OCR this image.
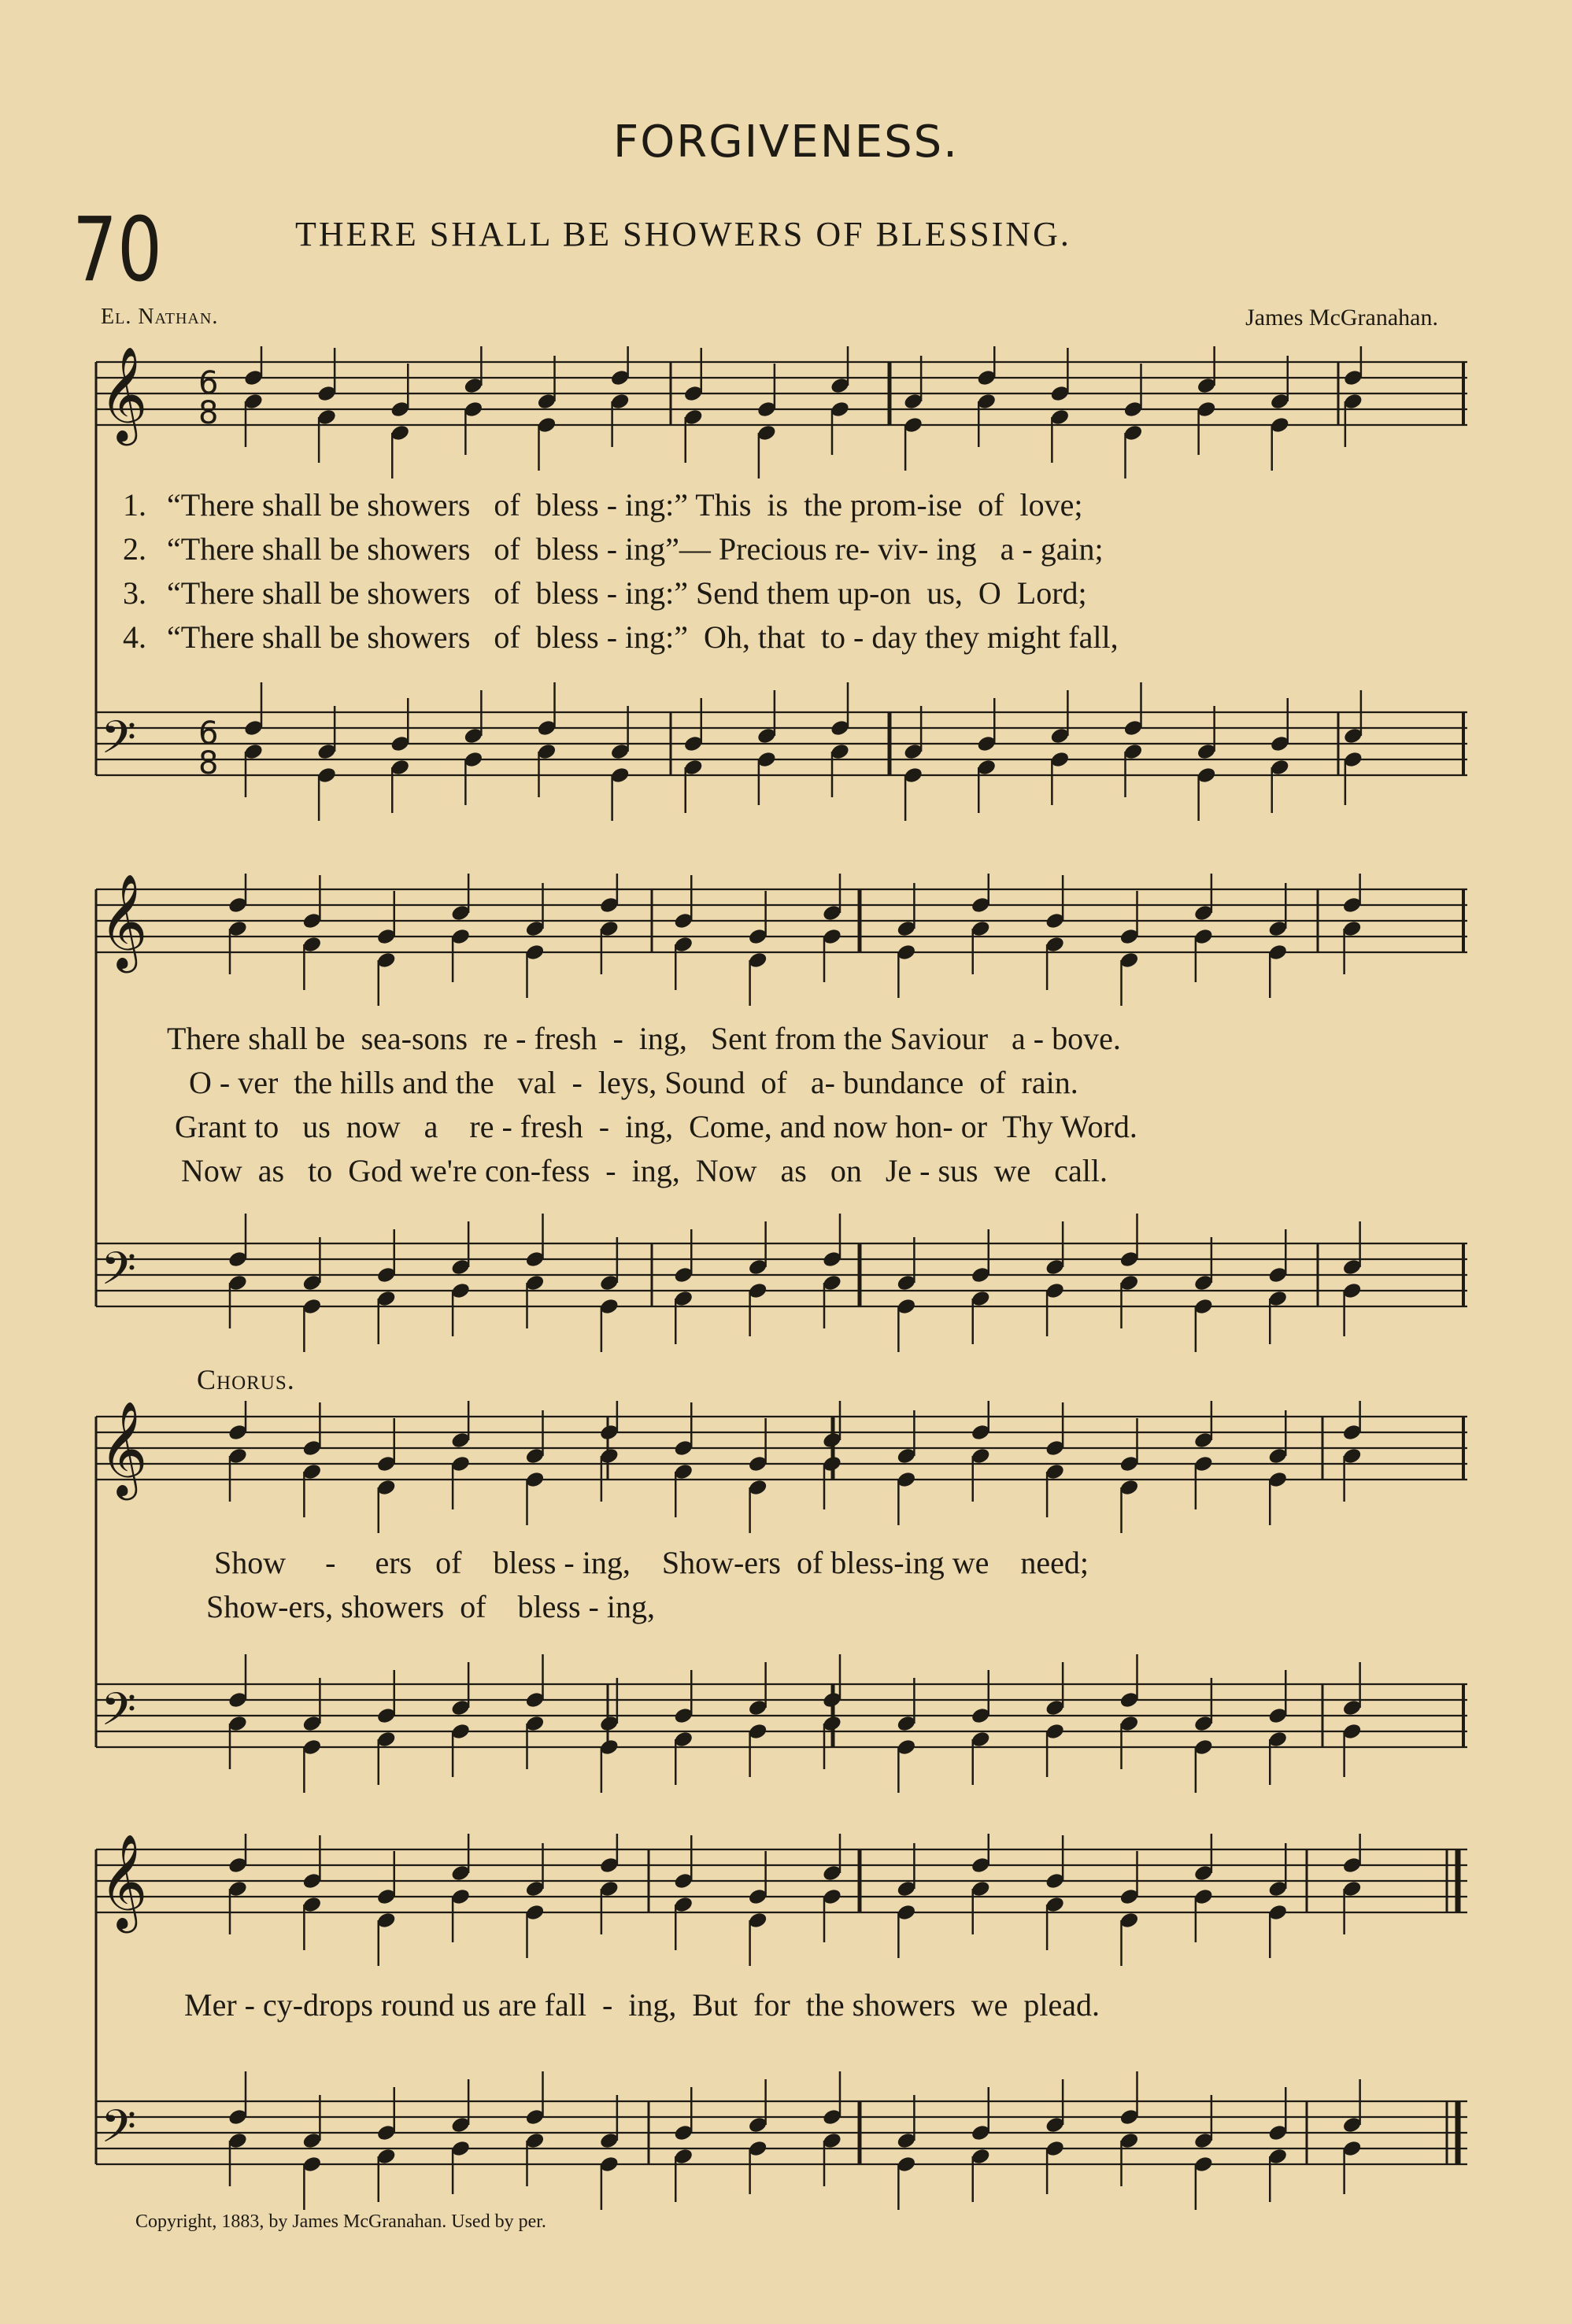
FORGIVENESS.
70	THERE SHALL BE SHOWERS OF BLESSING.
El. Nathan.	James McGranahan.
𝄞
𝄢
6
8
6
8
1. “There shall be showers   of  bless - ing:” This  is  the prom-ise  of  love;
2. “There shall be showers   of  bless - ing”— Precious re- viv- ing   a - gain;
3. “There shall be showers   of  bless - ing:” Send them up-on  us,  O  Lord;
4. “There shall be showers   of  bless - ing:”  Oh, that  to - day they might fall,
𝄞
𝄢
There shall be  sea-sons  re - fresh  -  ing,   Sent from the Saviour   a - bove.
O - ver  the hills and the   val  -  leys, Sound  of   a- bundance  of  rain.
Grant to   us  now   a    re - fresh  -  ing,  Come, and now hon- or  Thy Word.
Now  as   to  God we're con-fess  -  ing,  Now   as   on   Je - sus  we   call.
Chorus.
𝄞
𝄢
Show     -     ers   of    bless - ing,    Show-ers  of bless-ing we    need;
Show-ers, showers  of    bless - ing,
𝄞
𝄢
Mer - cy-drops round us are fall  -  ing,  But  for  the showers  we  plead.
Copyright, 1883, by James McGranahan. Used by per.
